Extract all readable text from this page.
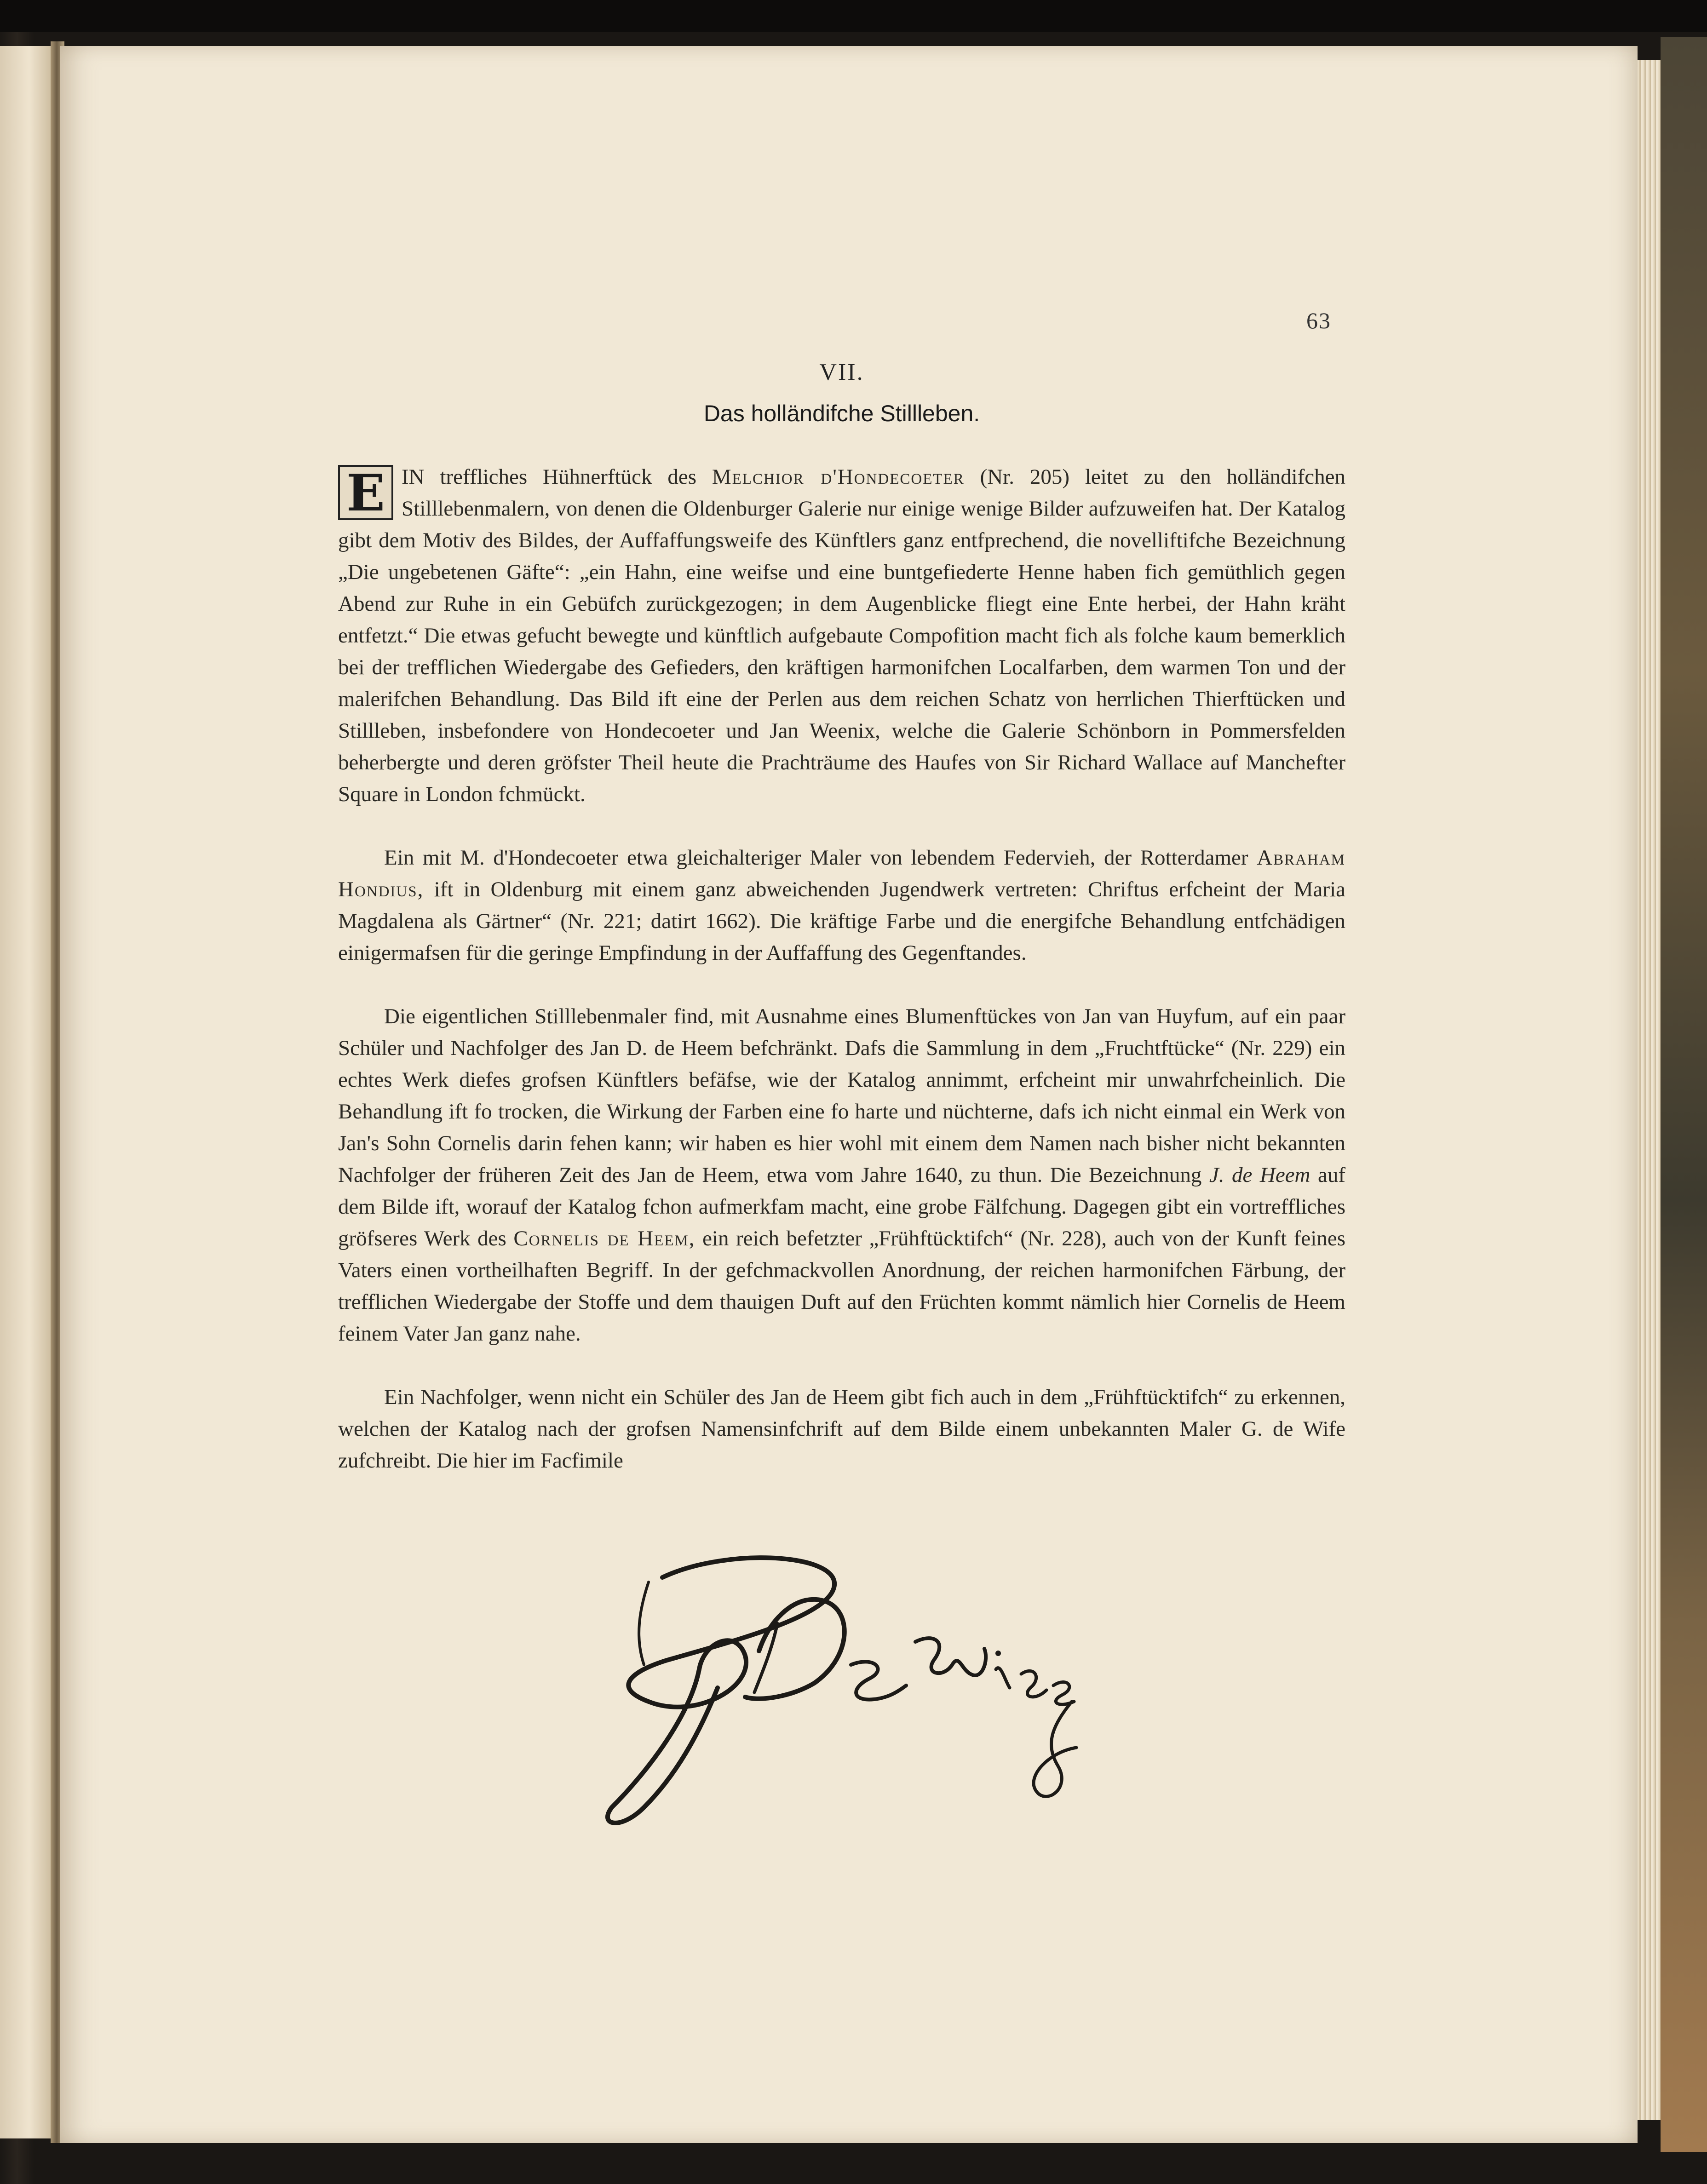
63
VII.
Das holländifche Stillleben.

E IN treffliches Hühnerftück des Melchior d'Hondecoeter (Nr. 205) leitet zu den holländifchen Stilllebenmalern, von denen die Oldenburger Galerie nur einige wenige Bilder aufzuweifen hat. Der Katalog gibt dem Motiv des Bildes, der Auffaffungsweife des Künftlers ganz entfprechend, die novelliftifche Bezeichnung „Die ungebetenen Gäfte“: „ein Hahn, eine weifse und eine buntgefiederte Henne haben fich gemüthlich gegen Abend zur Ruhe in ein Gebüfch zurückgezogen; in dem Augenblicke fliegt eine Ente herbei, der Hahn kräht entfetzt.“ Die etwas gefucht bewegte und künftlich aufgebaute Compofition macht fich als folche kaum bemerklich bei der trefflichen Wiedergabe des Gefieders, den kräftigen harmonifchen Localfarben, dem warmen Ton und der malerifchen Behandlung. Das Bild ift eine der Perlen aus dem reichen Schatz von herrlichen Thierftücken und Stillleben, insbefondere von Hondecoeter und Jan Weenix, welche die Galerie Schönborn in Pommersfelden beherbergte und deren gröfster Theil heute die Prachträume des Haufes von Sir Richard Wallace auf Manchefter Square in London fchmückt.

Ein mit M. d'Hondecoeter etwa gleichalteriger Maler von lebendem Federvieh, der Rotterdamer Abraham Hondius, ift in Oldenburg mit einem ganz abweichenden Jugendwerk vertreten: Chriftus erfcheint der Maria Magdalena als Gärtner“ (Nr. 221; datirt 1662). Die kräftige Farbe und die energifche Behandlung entfchädigen einigermafsen für die geringe Empfindung in der Auffaffung des Gegenftandes.

Die eigentlichen Stilllebenmaler find, mit Ausnahme eines Blumenftückes von Jan van Huyfum, auf ein paar Schüler und Nachfolger des Jan D. de Heem befchränkt. Dafs die Sammlung in dem „Fruchtftücke“ (Nr. 229) ein echtes Werk diefes grofsen Künftlers befäfse, wie der Katalog annimmt, erfcheint mir unwahrfcheinlich. Die Behandlung ift fo trocken, die Wirkung der Farben eine fo harte und nüchterne, dafs ich nicht einmal ein Werk von Jan's Sohn Cornelis darin fehen kann; wir haben es hier wohl mit einem dem Namen nach bisher nicht bekannten Nachfolger der früheren Zeit des Jan de Heem, etwa vom Jahre 1640, zu thun. Die Bezeichnung J. de Heem auf dem Bilde ift, worauf der Katalog fchon aufmerkfam macht, eine grobe Fälfchung. Dagegen gibt ein vortreffliches gröfseres Werk des Cornelis de Heem, ein reich befetzter „Frühftücktifch“ (Nr. 228), auch von der Kunft feines Vaters einen vortheilhaften Begriff. In der gefchmackvollen Anordnung, der reichen harmonifchen Färbung, der trefflichen Wiedergabe der Stoffe und dem thauigen Duft auf den Früchten kommt nämlich hier Cornelis de Heem feinem Vater Jan ganz nahe.

Ein Nachfolger, wenn nicht ein Schüler des Jan de Heem gibt fich auch in dem „Frühftücktifch“ zu erkennen, welchen der Katalog nach der grofsen Namensinfchrift auf dem Bilde einem unbekannten Maler G. de Wife zufchreibt. Die hier im Facfimile
